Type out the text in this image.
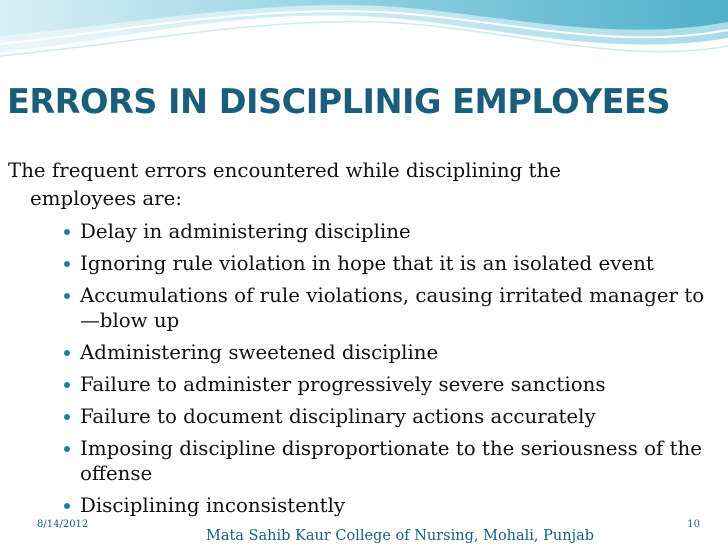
ERRORS IN DISCIPLINIG EMPLOYEES
The frequent errors encountered while disciplining the
employees are:
Delay in administering discipline
Ignoring rule violation in hope that it is an isolated event
Accumulations of rule violations, causing irritated manager to —blow up
Administering sweetened discipline
Failure to administer progressively severe sanctions
Failure to document disciplinary actions accurately
Imposing discipline disproportionate to the seriousness of the offense
Disciplining inconsistently
8/14/2012
Mata Sahib Kaur College of Nursing, Mohali, Punjab
10
